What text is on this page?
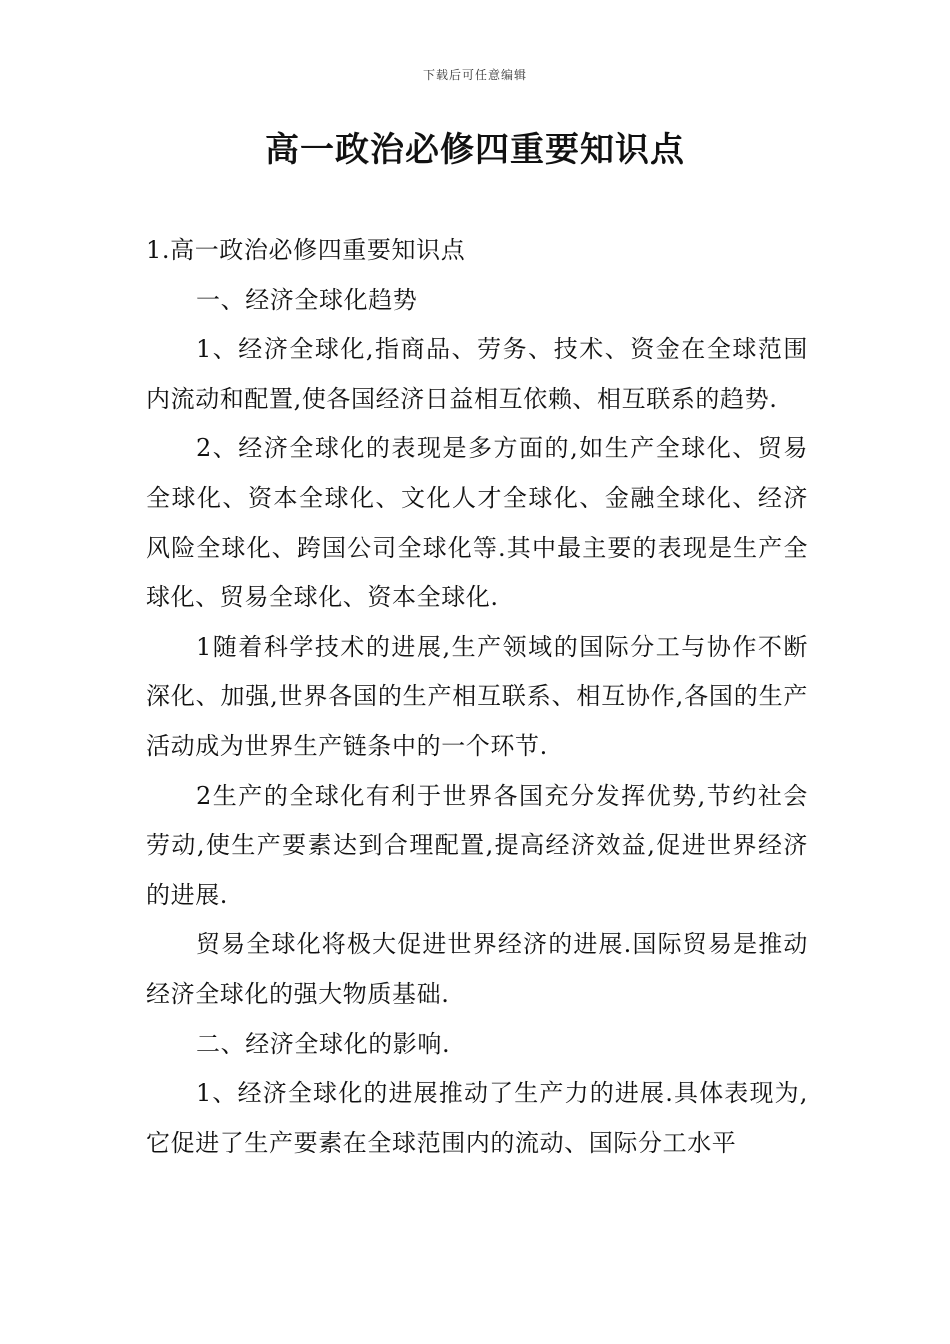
下载后可任意编辑
高一政治必修四重要知识点

1.高一政治必修四重要知识点

一、经济全球化趋势

1、经济全球化,指商品、劳务、技术、资金在全球范围内流动和配置,使各国经济日益相互依赖、相互联系的趋势.

2、经济全球化的表现是多方面的,如生产全球化、贸易全球化、资本全球化、文化人才全球化、金融全球化、经济风险全球化、跨国公司全球化等.其中最主要的表现是生产全球化、贸易全球化、资本全球化.

1随着科学技术的进展,生产领域的国际分工与协作不断深化、加强,世界各国的生产相互联系、相互协作,各国的生产活动成为世界生产链条中的一个环节.

2生产的全球化有利于世界各国充分发挥优势,节约社会劳动,使生产要素达到合理配置,提高经济效益,促进世界经济的进展.

贸易全球化将极大促进世界经济的进展.国际贸易是推动经济全球化的强大物质基础.

二、经济全球化的影响.

1、经济全球化的进展推动了生产力的进展.具体表现为,它促进了生产要素在全球范围内的流动、国际分工水平
